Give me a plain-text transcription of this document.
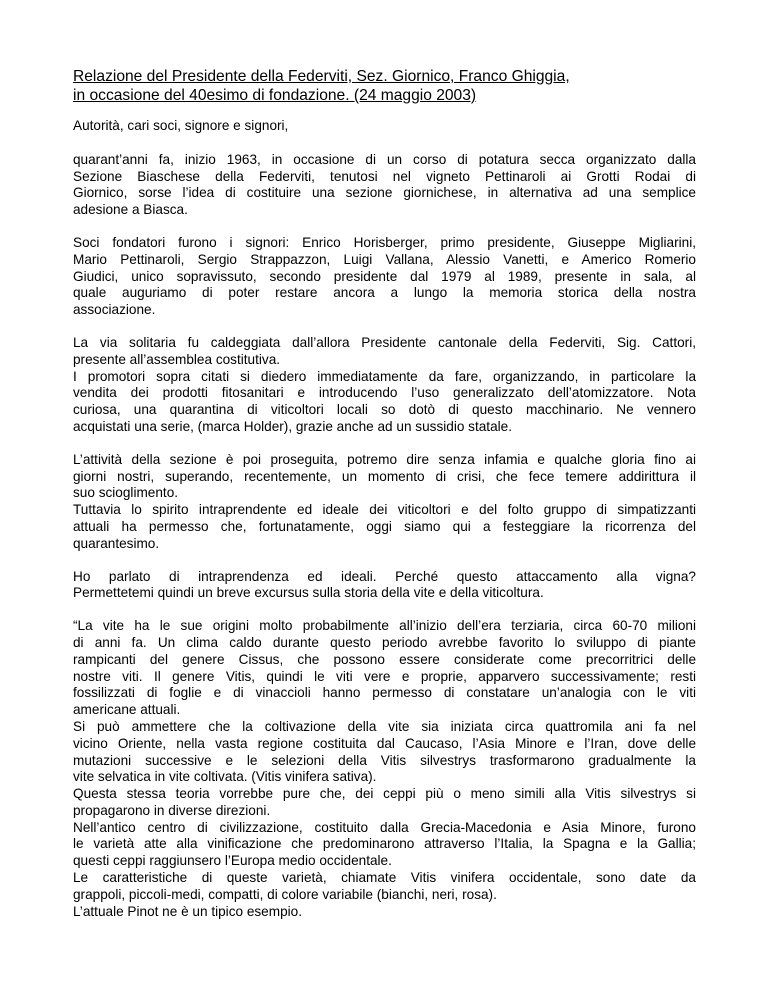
Relazione del Presidente della Federviti, Sez. Giornico, Franco Ghiggia,
in occasione del 40esimo di fondazione. (24 maggio 2003)

Autorità, cari soci, signore e signori,

quarant’anni fa, inizio 1963, in occasione di un corso di potatura secca organizzato dalla
Sezione Biaschese della Federviti, tenutosi nel vigneto Pettinaroli ai Grotti Rodai di
Giornico, sorse l’idea di costituire una sezione giornichese, in alternativa ad una semplice
adesione a Biasca.
Soci fondatori furono i signori: Enrico Horisberger, primo presidente, Giuseppe Migliarini,
Mario Pettinaroli, Sergio Strappazzon, Luigi Vallana, Alessio Vanetti, e Americo Romerio
Giudici, unico sopravissuto, secondo presidente dal 1979 al 1989, presente in sala, al
quale auguriamo di poter restare ancora a lungo la memoria storica della nostra
associazione.
La via solitaria fu caldeggiata dall’allora Presidente cantonale della Federviti, Sig. Cattori,
presente all’assemblea costitutiva.
I promotori sopra citati si diedero immediatamente da fare, organizzando, in particolare la
vendita dei prodotti fitosanitari e introducendo l’uso generalizzato dell’atomizzatore. Nota
curiosa, una quarantina di viticoltori locali so dotò di questo macchinario. Ne vennero
acquistati una serie, (marca Holder), grazie anche ad un sussidio statale.
L’attività della sezione è poi proseguita, potremo dire senza infamia e qualche gloria fino ai
giorni nostri, superando, recentemente, un momento di crisi, che fece temere addirittura il
suo scioglimento.
Tuttavia lo spirito intraprendente ed ideale dei viticoltori e del folto gruppo di simpatizzanti
attuali ha permesso che, fortunatamente, oggi siamo qui a festeggiare la ricorrenza del
quarantesimo.
Ho parlato di intraprendenza ed ideali. Perché questo attaccamento alla vigna?
Permettetemi quindi un breve excursus sulla storia della vite e della viticoltura.
“La vite ha le sue origini molto probabilmente all’inizio dell’era terziaria, circa 60-70 milioni
di anni fa. Un clima caldo durante questo periodo avrebbe favorito lo sviluppo di piante
rampicanti del genere Cissus, che possono essere considerate come precorritrici delle
nostre viti. Il genere Vitis, quindi le viti vere e proprie, apparvero successivamente; resti
fossilizzati di foglie e di vinaccioli hanno permesso di constatare un’analogia con le viti
americane attuali.
Si può ammettere che la coltivazione della vite sia iniziata circa quattromila ani fa nel
vicino Oriente, nella vasta regione costituita dal Caucaso, l’Asia Minore e l’Iran, dove delle
mutazioni successive e le selezioni della Vitis silvestrys trasformarono gradualmente la
vite selvatica in vite coltivata. (Vitis vinifera sativa).
Questa stessa teoria vorrebbe pure che, dei ceppi più o meno simili alla Vitis silvestrys si
propagarono in diverse direzioni.
Nell’antico centro di civilizzazione, costituito dalla Grecia-Macedonia e Asia Minore, furono
le varietà atte alla vinificazione che predominarono attraverso l’Italia, la Spagna e la Gallia;
questi ceppi raggiunsero l’Europa medio occidentale.
Le caratteristiche di queste varietà, chiamate Vitis vinifera occidentale, sono date da
grappoli, piccoli-medi, compatti, di colore variabile (bianchi, neri, rosa).
L’attuale Pinot ne è un tipico esempio.
